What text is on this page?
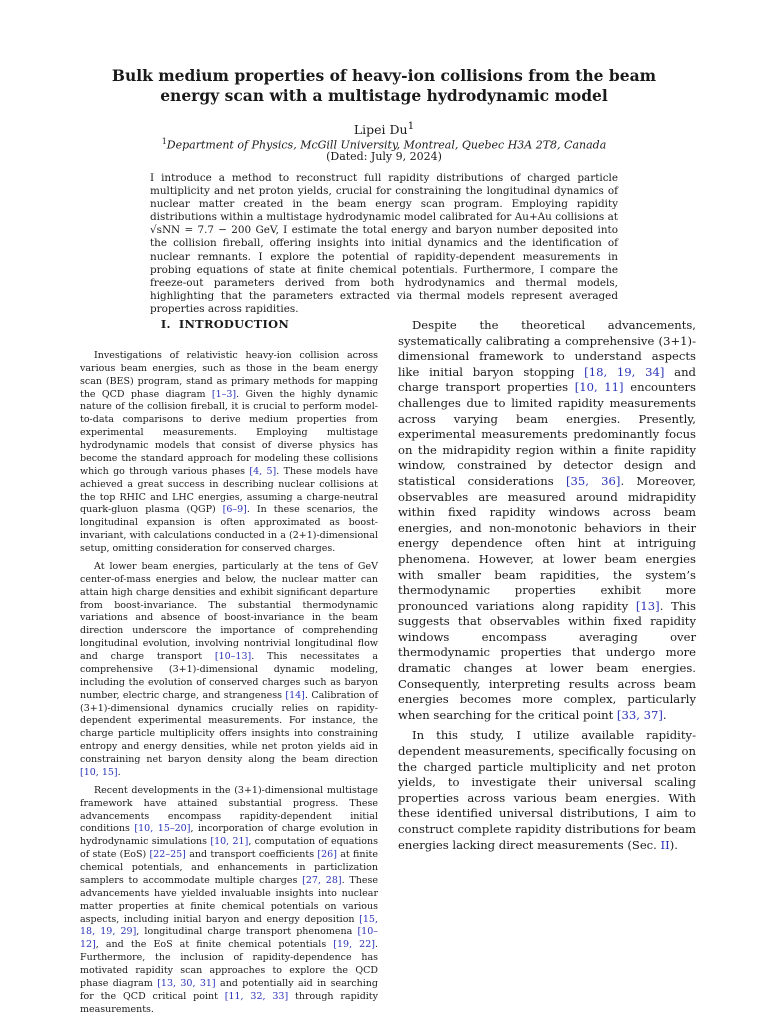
Bulk medium properties of heavy-ion collisions from the beam energy scan with a multistage hydrodynamic model
Lipei Du$^1$
$^1$Department of Physics, McGill University, Montreal, Quebec H3A 2T8, Canada
(Dated: July 9, 2024)

I introduce a method to reconstruct full rapidity distributions of charged particle multiplicity and net proton yields, crucial for constraining the longitudinal dynamics of nuclear matter created in the beam energy scan program. Employing rapidity distributions within a multistage hydrodynamic model calibrated for Au+Au collisions at √sNN = 7.7 − 200 GeV, I estimate the total energy and baryon number deposited into the collision fireball, offering insights into initial dynamics and the identification of nuclear remnants. I explore the potential of rapidity-dependent measurements in probing equations of state at finite chemical potentials. Furthermore, I compare the freeze-out parameters derived from both hydrodynamics and thermal models, highlighting that the parameters extracted via thermal models represent averaged properties across rapidities.

I. INTRODUCTION

Investigations of relativistic heavy-ion collision across various beam energies, such as those in the beam energy scan (BES) program, stand as primary methods for mapping the QCD phase diagram [1–3]. Given the highly dynamic nature of the collision fireball, it is crucial to perform model-to-data comparisons to derive medium properties from experimental measurements. Employing multistage hydrodynamic models that consist of diverse physics has become the standard approach for modeling these collisions which go through various phases [4, 5]. These models have achieved a great success in describing nuclear collisions at the top RHIC and LHC energies, assuming a charge-neutral quark-gluon plasma (QGP) [6–9]. In these scenarios, the longitudinal expansion is often approximated as boost-invariant, with calculations conducted in a (2+1)-dimensional setup, omitting consideration for conserved charges.

At lower beam energies, particularly at the tens of GeV center-of-mass energies and below, the nuclear matter can attain high charge densities and exhibit significant departure from boost-invariance. The substantial thermodynamic variations and absence of boost-invariance in the beam direction underscore the importance of comprehending longitudinal evolution, involving nontrivial longitudinal flow and charge transport [10–13]. This necessitates a comprehensive (3+1)-dimensional dynamic modeling, including the evolution of conserved charges such as baryon number, electric charge, and strangeness [14]. Calibration of (3+1)-dimensional dynamics crucially relies on rapidity-dependent experimental measurements. For instance, the charge particle multiplicity offers insights into constraining entropy and energy densities, while net proton yields aid in constraining net baryon density along the beam direction [10, 15].

Recent developments in the (3+1)-dimensional multistage framework have attained substantial progress. These advancements encompass rapidity-dependent initial conditions [10, 15–20], incorporation of charge evolution in hydrodynamic simulations [10, 21], computation of equations of state (EoS) [22–25] and transport coefficients [26] at finite chemical potentials, and enhancements in particlization samplers to accommodate multiple charges [27, 28]. These advancements have yielded invaluable insights into nuclear matter properties at finite chemical potentials on various aspects, including initial baryon and energy deposition [15, 18, 19, 29], longitudinal charge transport phenomena [10–12], and the EoS at finite chemical potentials [19, 22]. Furthermore, the inclusion of rapidity-dependence has motivated rapidity scan approaches to explore the QCD phase diagram [13, 30, 31] and potentially aid in searching for the QCD critical point [11, 32, 33] through rapidity measurements.

Despite the theoretical advancements, systematically calibrating a comprehensive (3+1)-dimensional framework to understand aspects like initial baryon stopping [18, 19, 34] and charge transport properties [10, 11] encounters challenges due to limited rapidity measurements across varying beam energies. Presently, experimental measurements predominantly focus on the midrapidity region within a finite rapidity window, constrained by detector design and statistical considerations [35, 36]. Moreover, observables are measured around midrapidity within fixed rapidity windows across beam energies, and non-monotonic behaviors in their energy dependence often hint at intriguing phenomena. However, at lower beam energies with smaller beam rapidities, the system’s thermodynamic properties exhibit more pronounced variations along rapidity [13]. This suggests that observables within fixed rapidity windows encompass averaging over thermodynamic properties that undergo more dramatic changes at lower beam energies. Consequently, interpreting results across beam energies becomes more complex, particularly when searching for the critical point [33, 37].

In this study, I utilize available rapidity-dependent measurements, specifically focusing on the charged particle multiplicity and net proton yields, to investigate their universal scaling properties across various beam energies. With these identified universal distributions, I aim to construct complete rapidity distributions for beam energies lacking direct measurements (Sec. II).
